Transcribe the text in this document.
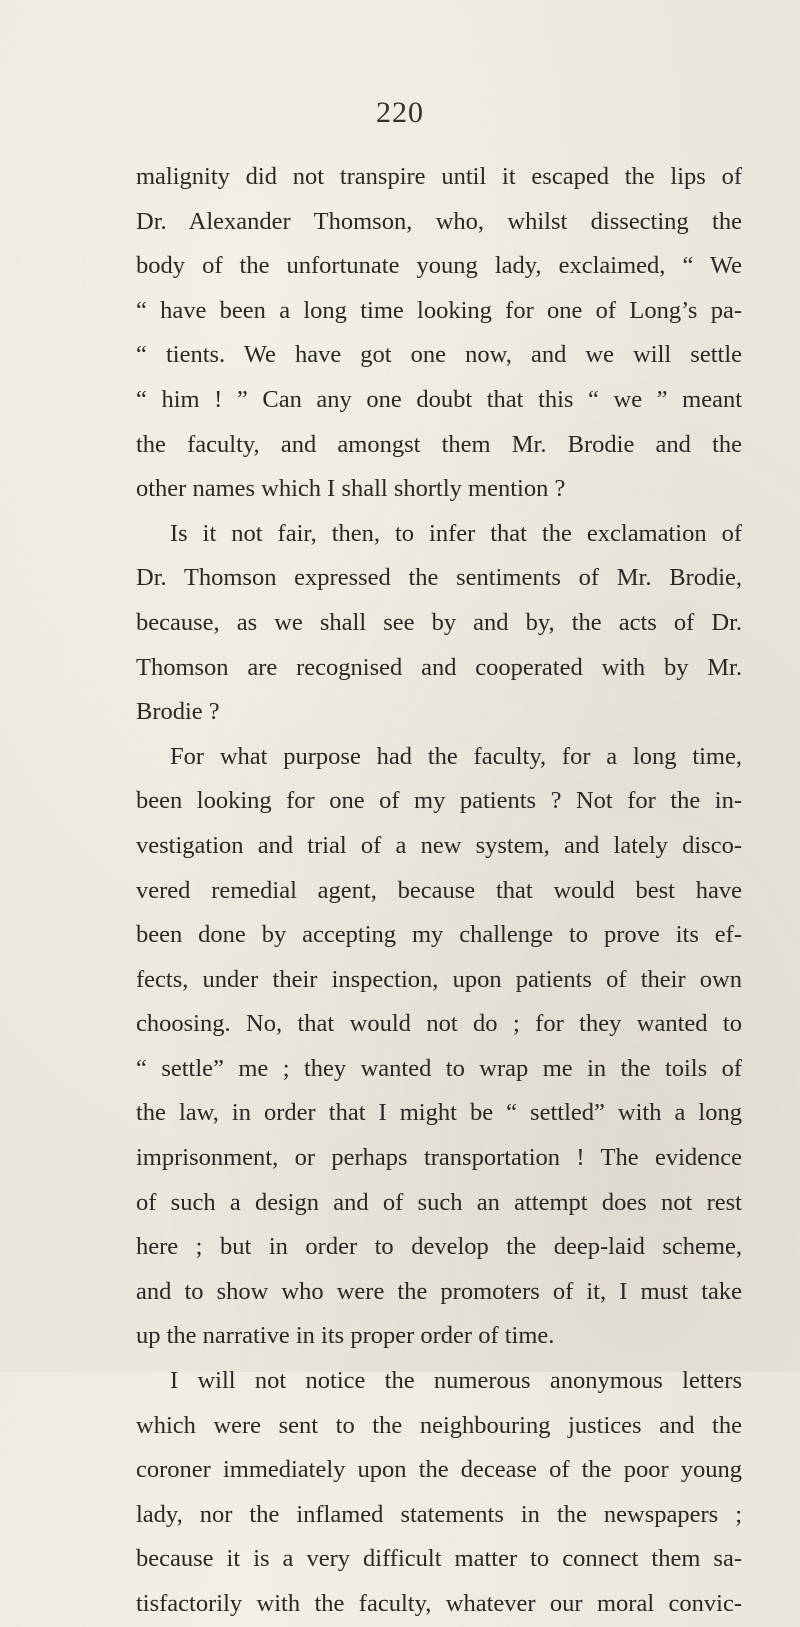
220
malignity did not transpire until it escaped the lips of
Dr. Alexander Thomson, who, whilst dissecting the
body of the unfortunate young lady, exclaimed, “ We
“ have been a long time looking for one of Long’s pa-
“ tients. We have got one now, and we will settle
“ him ! ” Can any one doubt that this “ we ” meant
the faculty, and amongst them Mr. Brodie and the
other names which I shall shortly mention ?
Is it not fair, then, to infer that the exclamation of
Dr. Thomson expressed the sentiments of Mr. Brodie,
because, as we shall see by and by, the acts of Dr.
Thomson are recognised and cooperated with by Mr.
Brodie ?
For what purpose had the faculty, for a long time,
been looking for one of my patients ? Not for the in-
vestigation and trial of a new system, and lately disco-
vered remedial agent, because that would best have
been done by accepting my challenge to prove its ef-
fects, under their inspection, upon patients of their own
choosing. No, that would not do ; for they wanted to
“ settle” me ; they wanted to wrap me in the toils of
the law, in order that I might be “ settled” with a long
imprisonment, or perhaps transportation ! The evidence
of such a design and of such an attempt does not rest
here ; but in order to develop the deep-laid scheme,
and to show who were the promoters of it, I must take
up the narrative in its proper order of time.
I will not notice the numerous anonymous letters
which were sent to the neighbouring justices and the
coroner immediately upon the decease of the poor young
lady, nor the inflamed statements in the newspapers ;
because it is a very difficult matter to connect them sa-
tisfactorily with the faculty, whatever our moral convic-
